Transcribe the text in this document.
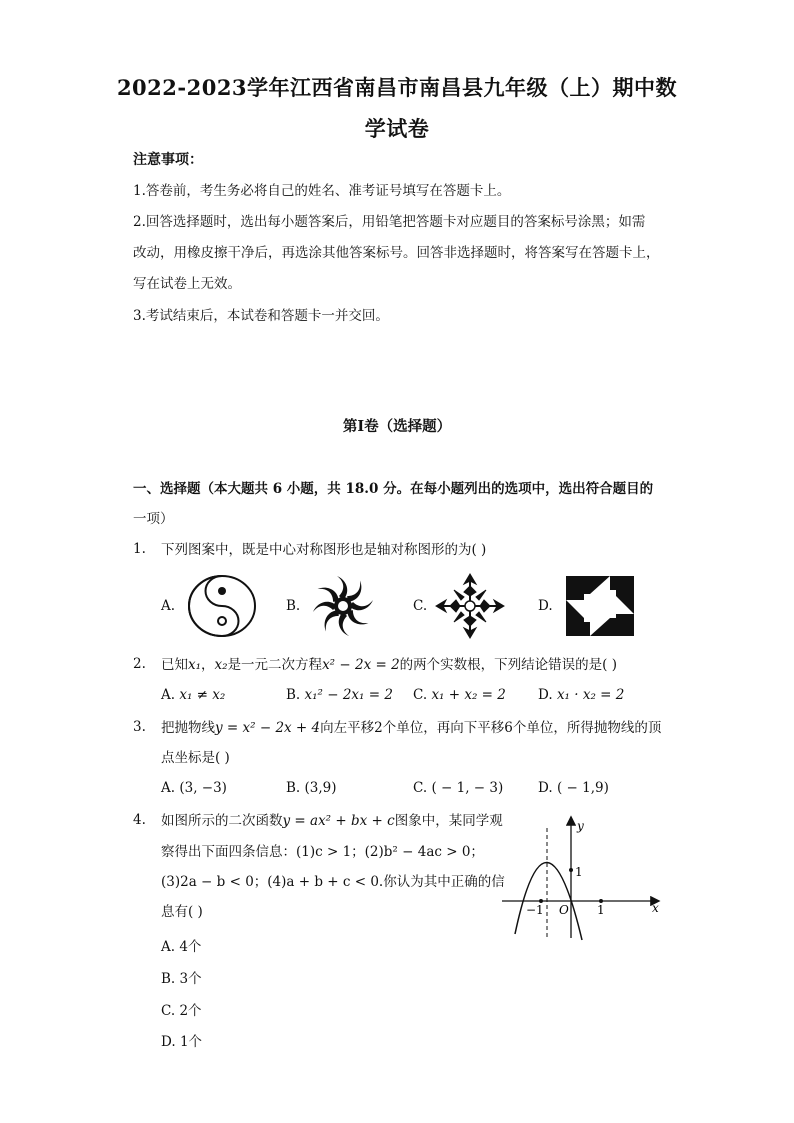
2022-2023学年江西省南昌市南昌县九年级（上）期中数
学试卷
注意事项：
1.答卷前，考生务必将自己的姓名、准考证号填写在答题卡上。
2.回答选择题时，选出每小题答案后，用铅笔把答题卡对应题目的答案标号涂黑；如需
改动，用橡皮擦干净后，再选涂其他答案标号。回答非选择题时，将答案写在答题卡上，
写在试卷上无效。
3.考试结束后，本试卷和答题卡一并交回。
第Ⅰ卷（选择题）
一、选择题（本大题共 6 小题，共 18.0 分。在每小题列出的选项中，选出符合题目的
一项）
1. 下列图案中，既是中心对称图形也是轴对称图形的为( )
A.	B.	C.	D.
2. 已知x₁，x₂是一元二次方程x² − 2x = 2的两个实数根，下列结论错误的是( )
A. x₁ ≠ x₂	B. x₁² − 2x₁ = 2 C. x₁ + x₂ = 2 D. x₁ · x₂ = 2
3. 把抛物线y = x² − 2x + 4向左平移2个单位，再向下平移6个单位，所得抛物线的顶
点坐标是( )
A. (3, −3)	B. (3,9)	C. ( − 1, − 3)	D. ( − 1,9)
4. 如图所示的二次函数y = ax² + bx + c图象中，某同学观
察得出下面四条信息：(1)c > 1；(2)b² − 4ac > 0；
(3)2a − b < 0；(4)a + b + c < 0.你认为其中正确的信
息有( )
A. 4个
B. 3个
C. 2个
D. 1个
y
x
1
−1 O 1
